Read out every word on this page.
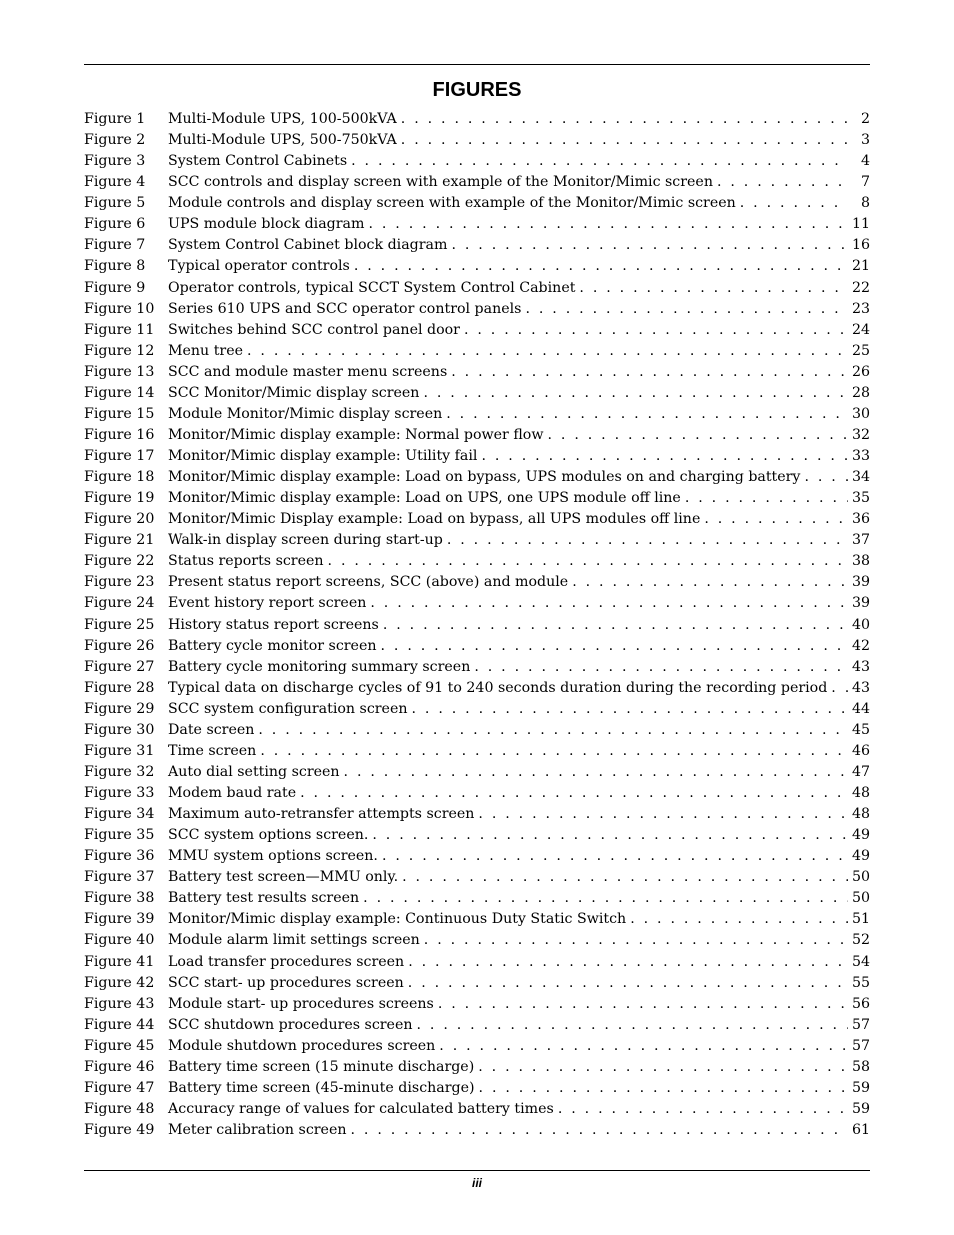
FIGURES
Figure 1	Multi-Module UPS, 100-500kVA . . .	2
Figure 2	Multi-Module UPS, 500-750kVA . . .	3
Figure 3	System Control Cabinets . . .	4
Figure 4	SCC controls and display screen with example of the Monitor/Mimic screen . . .	7
Figure 5	Module controls and display screen with example of the Monitor/Mimic screen . . .	8
Figure 6	UPS module block diagram . . .	11
Figure 7	System Control Cabinet block diagram . . .	16
Figure 8	Typical operator controls . . .	21
Figure 9	Operator controls, typical SCCT System Control Cabinet . . .	22
Figure 10 Series 610 UPS and SCC operator control panels . . .	23
Figure 11 Switches behind SCC control panel door . . .	24
Figure 12 Menu tree . . .	25
Figure 13 SCC and module master menu screens . . .	26
Figure 14 SCC Monitor/Mimic display screen . . .	28
Figure 15 Module Monitor/Mimic display screen . . .	30
Figure 16 Monitor/Mimic display example: Normal power flow . . .	32
Figure 17 Monitor/Mimic display example: Utility fail . . .	33
Figure 18 Monitor/Mimic display example: Load on bypass, UPS modules on and charging battery . . .	34
Figure 19 Monitor/Mimic display example: Load on UPS, one UPS module off line . . .	35
Figure 20 Monitor/Mimic Display example: Load on bypass, all UPS modules off line . . .	36
Figure 21 Walk-in display screen during start-up . . .	37
Figure 22 Status reports screen . . .	38
Figure 23 Present status report screens, SCC (above) and module . . .	39
Figure 24 Event history report screen . . .	39
Figure 25 History status report screens . . .	40
Figure 26 Battery cycle monitor screen . . .	42
Figure 27 Battery cycle monitoring summary screen . . .	43
Figure 28 Typical data on discharge cycles of 91 to 240 seconds duration during the recording period . . . 43
Figure 29 SCC system configuration screen . . .	44
Figure 30 Date screen . . .	45
Figure 31 Time screen . . .	46
Figure 32 Auto dial setting screen . . .	47
Figure 33 Modem baud rate . . .	48
Figure 34 Maximum auto-retransfer attempts screen . . .	48
Figure 35 SCC system options screen. . . .	49
Figure 36 MMU system options screen. . . .	49
Figure 37 Battery test screen—MMU only. . . .	50
Figure 38 Battery test results screen . . .	50
Figure 39 Monitor/Mimic display example: Continuous Duty Static Switch . . .	51
Figure 40 Module alarm limit settings screen . . .	52
Figure 41 Load transfer procedures screen . . .	54
Figure 42 SCC start- up procedures screen . . .	55
Figure 43 Module start- up procedures screens . . .	56
Figure 44 SCC shutdown procedures screen . . .	57
Figure 45 Module shutdown procedures screen . . .	57
Figure 46 Battery time screen (15 minute discharge) . . .	58
Figure 47 Battery time screen (45-minute discharge) . . .	59
Figure 48 Accuracy range of values for calculated battery times . . .	59
Figure 49 Meter calibration screen . . .	61
iii
